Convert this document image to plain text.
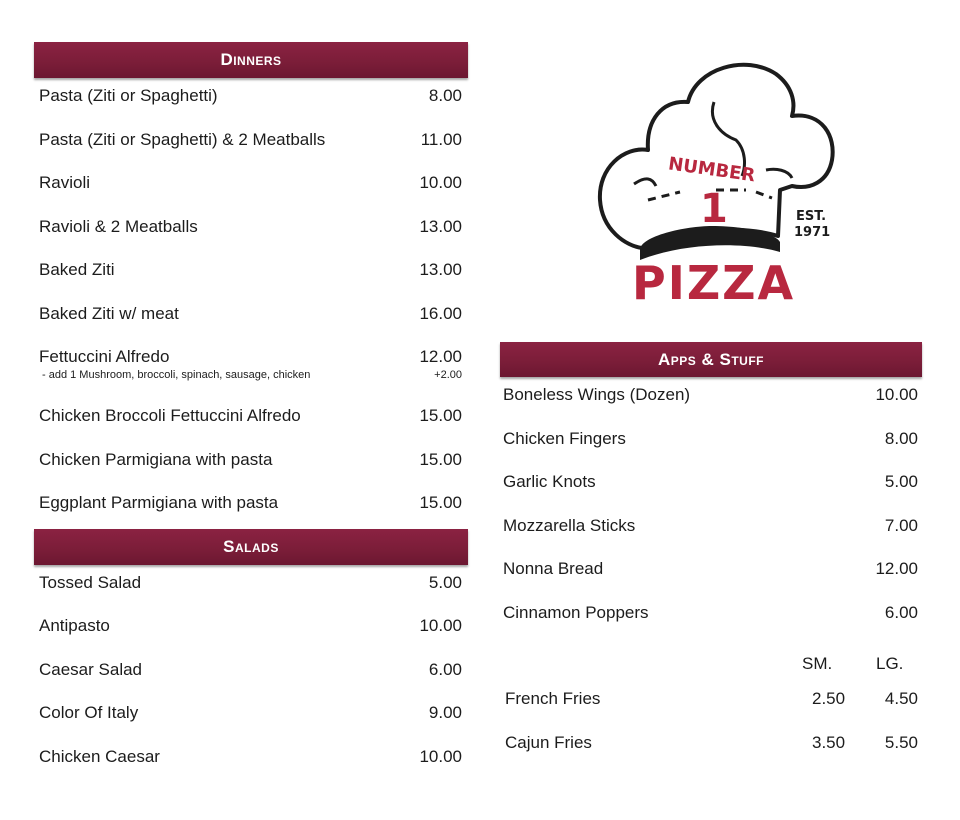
Dinners
Pasta (Ziti or Spaghetti)	8.00
Pasta (Ziti or Spaghetti) & 2 Meatballs	11.00
Ravioli	10.00
Ravioli & 2 Meatballs	13.00
Baked Ziti	13.00
Baked Ziti w/ meat	16.00
Fettuccini Alfredo	12.00
- add 1 Mushroom, broccoli, spinach, sausage, chicken	+2.00
Chicken Broccoli Fettuccini Alfredo	15.00
Chicken Parmigiana with pasta	15.00
Eggplant Parmigiana with pasta	15.00
Salads
Tossed Salad	5.00
Antipasto	10.00
Caesar Salad	6.00
Color Of Italy	9.00
Chicken Caesar	10.00
NUMBER
1	EST.
1971
PIZZA
Apps & Stuff
Boneless Wings (Dozen)	10.00
Chicken Fingers	8.00
Garlic Knots	5.00
Mozzarella Sticks	7.00
Nonna Bread	12.00
Cinnamon Poppers	6.00
SM.	LG.
French Fries	2.50 4.50
Cajun Fries	3.50 5.50
